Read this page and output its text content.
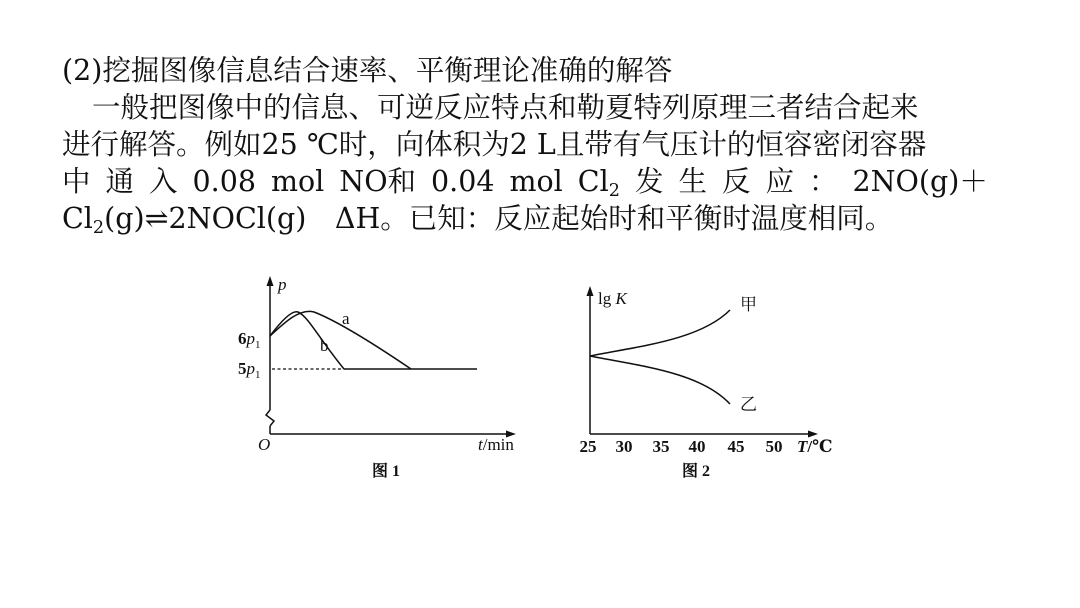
(2)挖掘图像信息结合速率、平衡理论准确的解答
一般把图像中的信息、可逆反应特点和勒夏特列原理三者结合起来
进行解答。例如25 ℃时，向体积为2 L且带有气压计的恒容密闭容器
中 通 入 0.08 mol NO和 0.04 mol $Cl_2$ 发 生 反 应 ： 2NO(g)＋
$Cl_2(g)\rightleftharpoons 2NOCl(g)$　ΔH。已知：反应起始时和平衡时温度相同。
p
$6p_1$
$5p_1$
a
b
O	t/min
图 1
lg K	甲
乙
25 30 35 40 45 50 T/℃
图 2
